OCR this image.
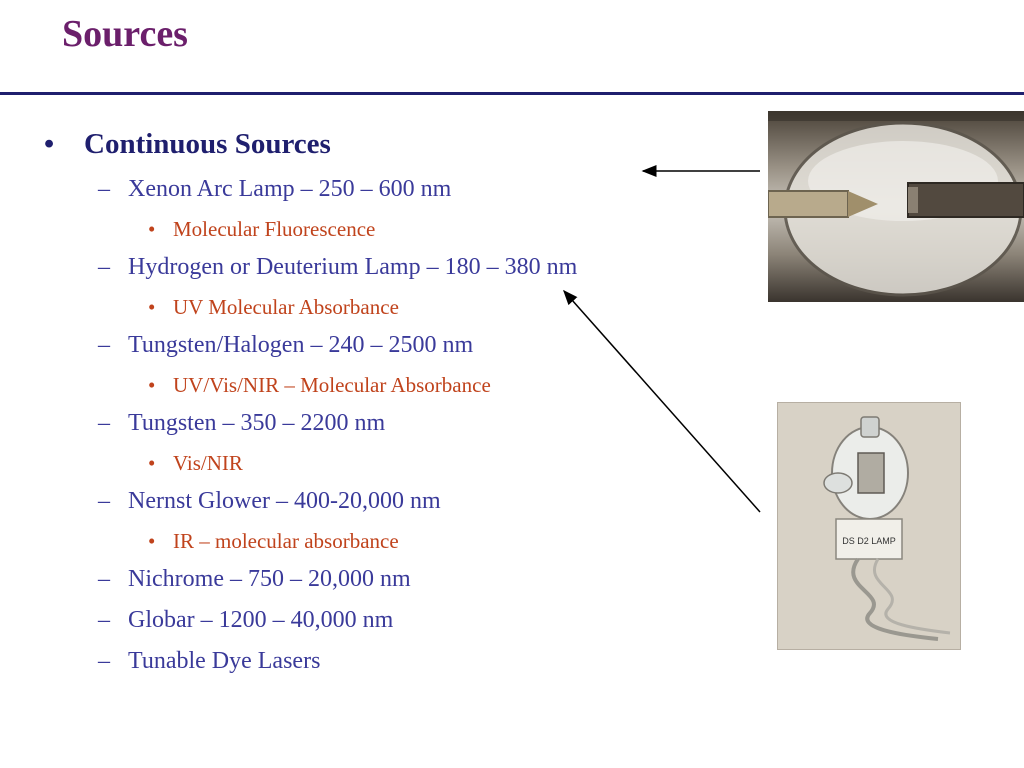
Sources
• Continuous Sources
– Xenon Arc Lamp – 250 – 600 nm
• Molecular Fluorescence
– Hydrogen or Deuterium Lamp – 180 – 380 nm
• UV Molecular Absorbance
– Tungsten/Halogen – 240 – 2500 nm
• UV/Vis/NIR – Molecular Absorbance
– Tungsten – 350 – 2200 nm
• Vis/NIR
– Nernst Glower – 400-20,000 nm
• IR – molecular absorbance
– Nichrome – 750 – 20,000 nm
– Globar – 1200 – 40,000 nm
– Tunable Dye Lasers
DS D2 LAMP
